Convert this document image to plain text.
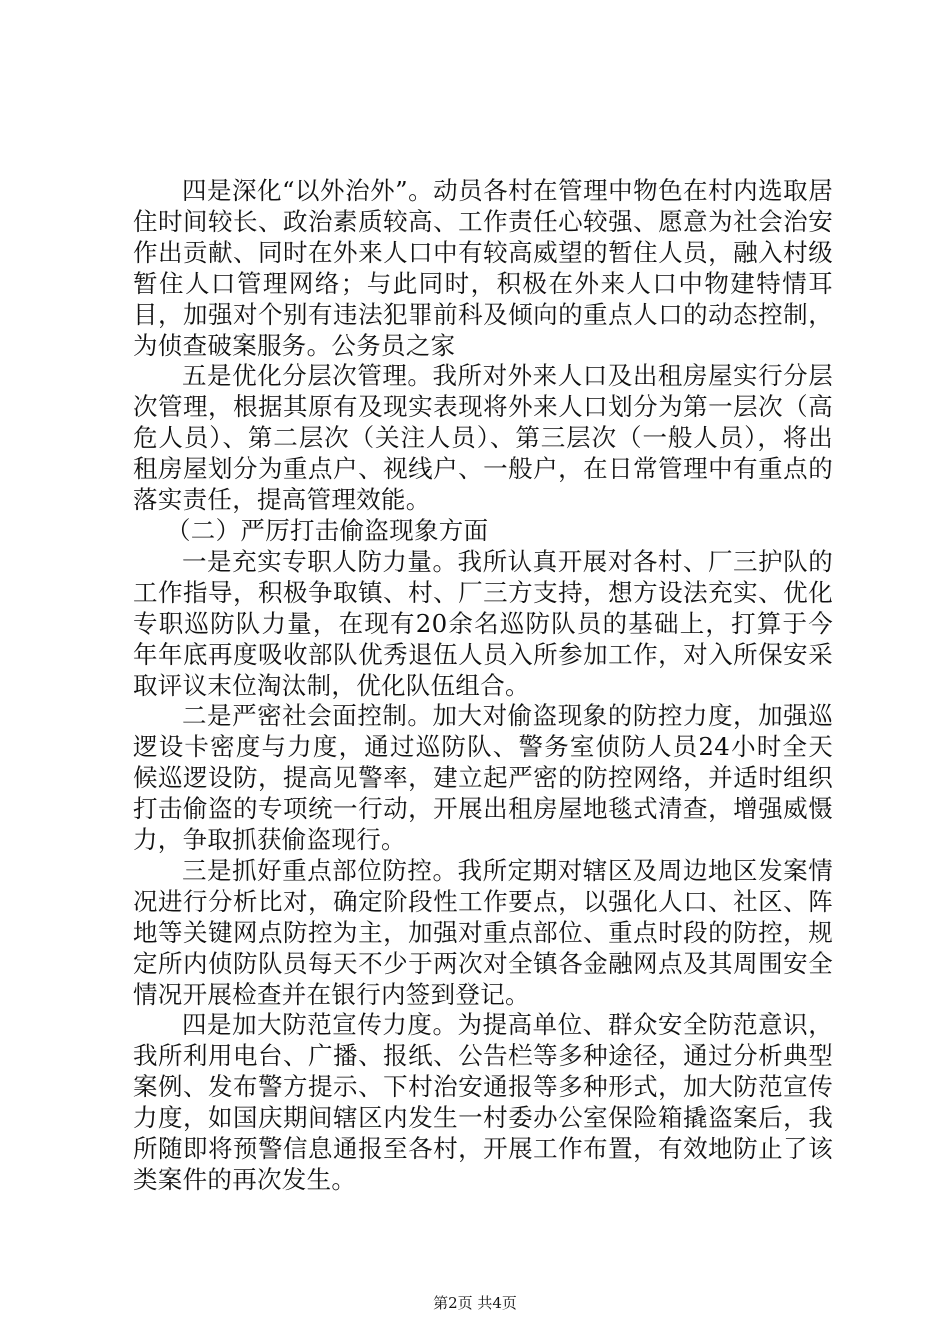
四是深化“以外治外”。动员各村在管理中物色在村内选取居住时间较长、政治素质较高、工作责任心较强、愿意为社会治安作出贡献、同时在外来人口中有较高威望的暂住人员，融入村级暂住人口管理网络；与此同时，积极在外来人口中物建特情耳目，加强对个别有违法犯罪前科及倾向的重点人口的动态控制，为侦查破案服务。公务员之家

五是优化分层次管理。我所对外来人口及出租房屋实行分层次管理，根据其原有及现实表现将外来人口划分为第一层次（高危人员）、第二层次（关注人员）、第三层次（一般人员），将出租房屋划分为重点户、视线户、一般户，在日常管理中有重点的落实责任，提高管理效能。

（二）严厉打击偷盗现象方面

一是充实专职人防力量。我所认真开展对各村、厂三护队的工作指导，积极争取镇、村、厂三方支持，想方设法充实、优化专职巡防队力量，在现有20余名巡防队员的基础上，打算于今年年底再度吸收部队优秀退伍人员入所参加工作，对入所保安采取评议末位淘汰制，优化队伍组合。

二是严密社会面控制。加大对偷盗现象的防控力度，加强巡逻设卡密度与力度，通过巡防队、警务室侦防人员24小时全天候巡逻设防，提高见警率，建立起严密的防控网络，并适时组织打击偷盗的专项统一行动，开展出租房屋地毯式清查，增强威慑力，争取抓获偷盗现行。

三是抓好重点部位防控。我所定期对辖区及周边地区发案情况进行分析比对，确定阶段性工作要点，以强化人口、社区、阵地等关键网点防控为主，加强对重点部位、重点时段的防控，规定所内侦防队员每天不少于两次对全镇各金融网点及其周围安全情况开展检查并在银行内签到登记。

四是加大防范宣传力度。为提高单位、群众安全防范意识，我所利用电台、广播、报纸、公告栏等多种途径，通过分析典型案例、发布警方提示、下村治安通报等多种形式，加大防范宣传力度，如国庆期间辖区内发生一村委办公室保险箱撬盗案后，我所随即将预警信息通报至各村，开展工作布置，有效地防止了该类案件的再次发生。

第2页 共4页
